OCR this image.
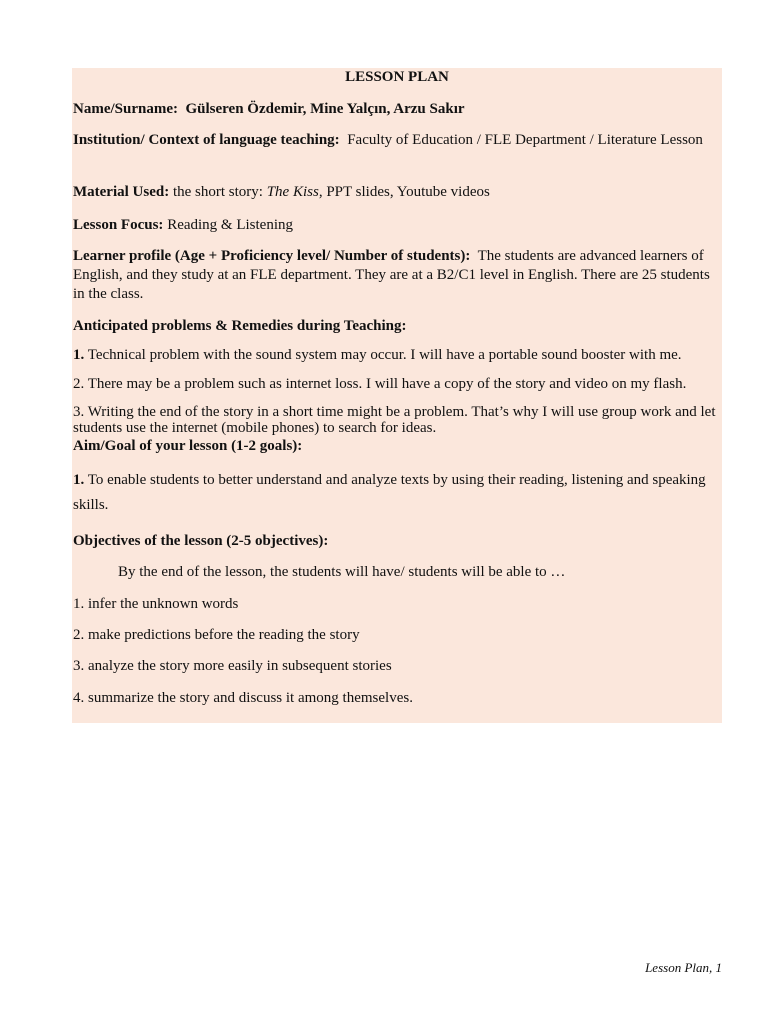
LESSON PLAN

Name/Surname: Gülseren Özdemir, Mine Yalçın, Arzu Sakır

Institution/ Context of language teaching: Faculty of Education / FLE Department / Literature Lesson

Material Used: the short story: The Kiss, PPT slides, Youtube videos

Lesson Focus: Reading & Listening

Learner profile (Age + Proficiency level/ Number of students): The students are advanced learners of English, and they study at an FLE department. They are at a B2/C1 level in English. There are 25 students in the class.

Anticipated problems & Remedies during Teaching:

1. Technical problem with the sound system may occur. I will have a portable sound booster with me.

2. There may be a problem such as internet loss. I will have a copy of the story and video on my flash.

3. Writing the end of the story in a short time might be a problem. That’s why I will use group work and let students use the internet (mobile phones) to search for ideas.

Aim/Goal of your lesson (1-2 goals):

1. To enable students to better understand and analyze texts by using their reading, listening and speaking skills.

Objectives of the lesson (2-5 objectives):

By the end of the lesson, the students will have/ students will be able to …

1. infer the unknown words

2. make predictions before the reading the story

3. analyze the story more easily in subsequent stories

4. summarize the story and discuss it among themselves.

Lesson Plan, 1
